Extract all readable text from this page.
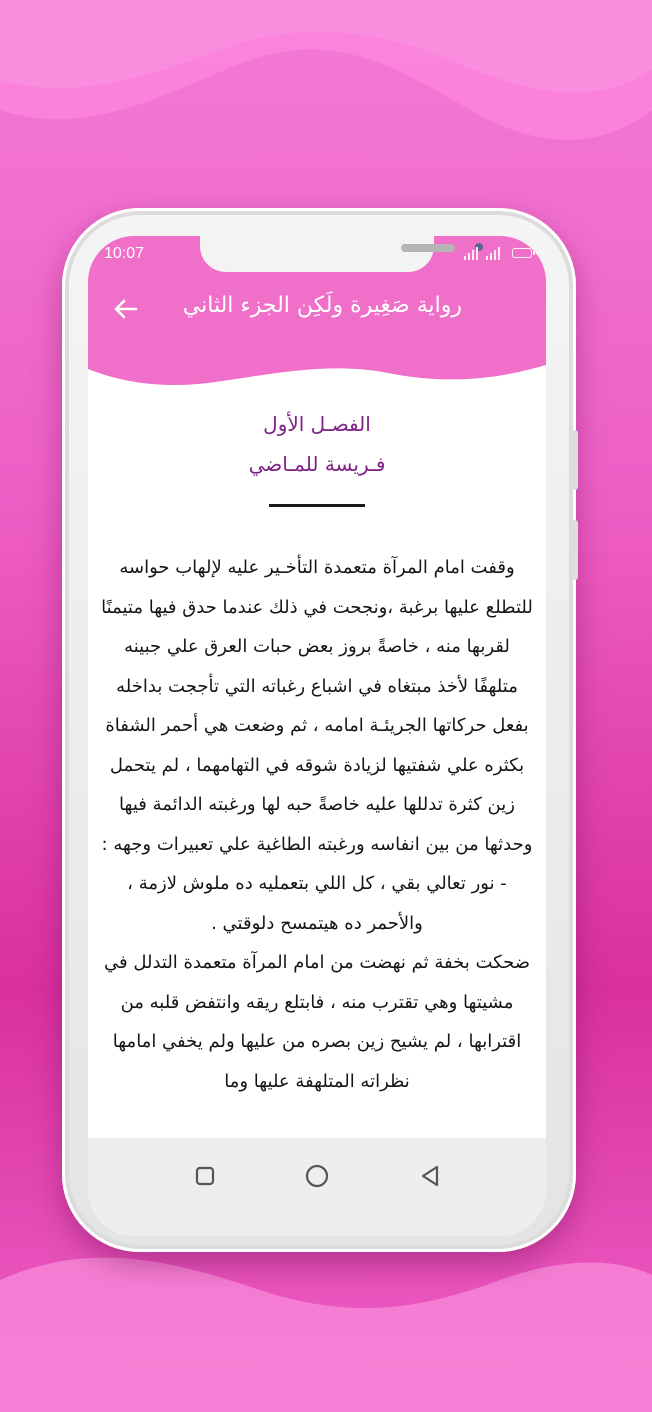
10:07
رواية صَغِيرة ولَكِن الجزء الثاني
الفصـل الأول
فـريسة للمـاضي

وقفت امام المرآة متعمدة التأخـير عليه لإلهاب حواسه للتطلع عليها برغبة ،ونجحت في ذلك عندما حدق فيها متيمنًا لقربها منه ، خاصةً بروز بعض حبات العرق علي جبينه متلهفًا لأخذ مبتغاه في اشباع رغباته التي تأججت بداخله بفعل حركاتها الجريئـة امامه ، ثم وضعت هي أحمر الشفاة بكثره علي شفتيها لزيادة شوقه في التهامهما ، لم يتحمل زين كثرة تدللها عليه خاصةً حبه لها ورغبته الدائمة فيها وحدثها من بين انفاسه ورغبته الطاغية علي تعبيرات وجهه :

- نور تعالي بقي ، كل اللي بتعمليه ده ملوش لازمة ، والأحمر ده هيتمسح دلوقتي .

ضحكت بخفة ثم نهضت من امام المرآة متعمدة التدلل في مشيتها وهي تقترب منه ، فابتلع ريقه وانتفض قلبه من اقترابها ، لم يشيح زين بصره من عليها ولم يخفي امامها نظراته المتلهفة عليها وما
